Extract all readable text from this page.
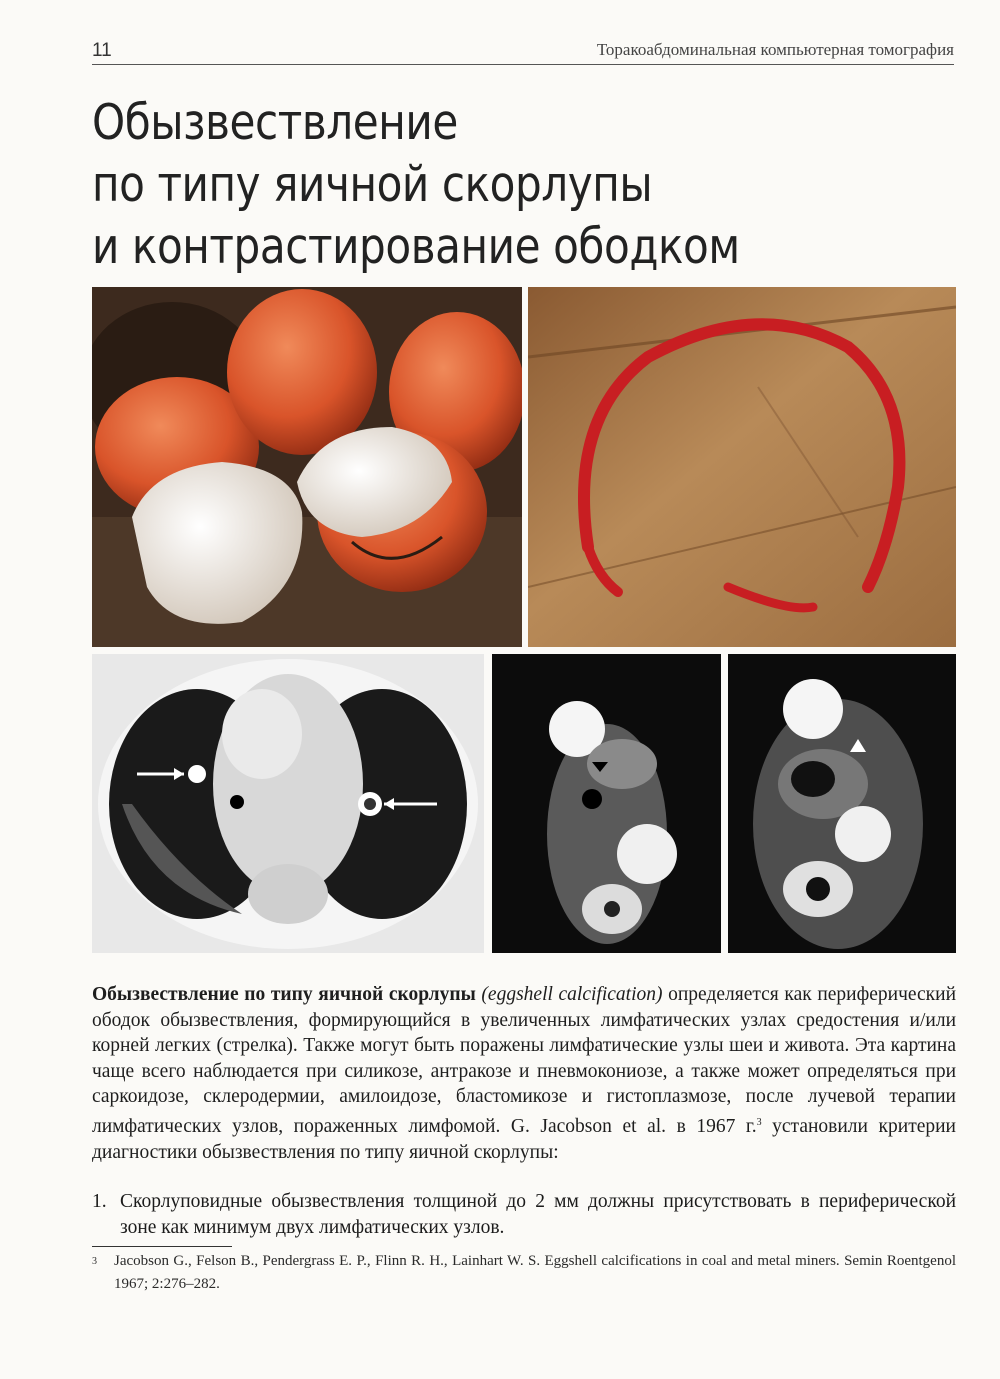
11	Торакоабдоминальная компьютерная томография
Обызвествление
по типу яичной скорлупы
и контрастирование ободком
Обызвествление по типу яичной скорлупы (eggshell calcification) определяется как периферический ободок обызвествления, формирующийся в увеличенных лимфатических узлах средостения и/или корней легких (стрелка). Также могут быть поражены лимфатические узлы шеи и живота. Эта картина чаще всего наблюдается при силикозе, антракозе и пневмокониозе, а также может определяться при саркоидозе, склеродермии, амилоидозе, бластомикозе и гистоплазмозе, после лучевой терапии лимфатических узлов, пораженных лимфомой. G. Jacobson et al. в 1967 г.$^3$ установили критерии диагностики обызвествления по типу яичной скорлупы:
1. Скорлуповидные обызвествления толщиной до 2 мм должны присутствовать в периферической зоне как минимум двух лимфатических узлов.
3 Jacobson G., Felson B., Pendergrass E. P., Flinn R. H., Lainhart W. S. Eggshell calcifications in coal and metal miners. Semin Roentgenol 1967; 2:276–282.
